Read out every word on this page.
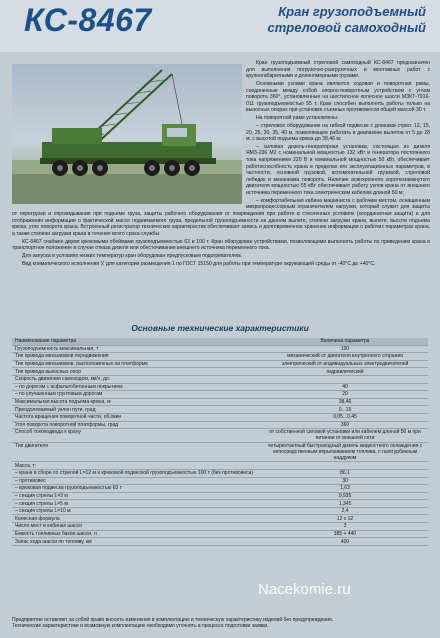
КС-8467	Кран грузоподъемный стреловой самоходный

Кран грузоподъемный стреловой самоходный КС-8467 предназначен для выполнения погрузочно-разгрузочных и монтажных работ с крупногабаритными и длинномерными грузами.

Основными узлами крана являются ходовая и поворотная рамы, соединенные между собой опорно-поворотным устройством с углом поворота 360°, установленные на шестиосное колесное шасси МЗКТ-7916-011 грузоподъемностью 55 т. Кран способен выполнять работы только на выносных опорах при установке съемных противовесов общей массой 30 т.

На поворотной раме установлены:

– стреловое оборудование на гибкой подвеске с длинами стрел: 12, 15, 20, 25, 30, 35, 40 м, позволяющее работать в диапазоне вылетов от 5 до 28 м, с высотой подъема крюка до 38,46 м;

– силовая дизель-генераторная установка, состоящая из дизеля ЯМЗ-236 М2 с номинальной мощностью 132 кВт и генератора постоянного тока напряжением 220 В и номинальной мощностью 50 кВт, обеспечивает работоспособность крана в пределах его эксплуатационных параметров, в частности, основной грузовой, вспомогательной грузовой, стреловой лебедок и механизма поворота. Наличие асинхронного короткозамкнутого двигателя мощностью 55 кВт обеспечивает работу узлов крана от внешнего источника переменного тока электрическим кабелем длиной 50 м;

– комфортабельная кабина машиниста с рабочим местом, оснащенным микропроцессорным ограничителем нагрузки, который служит для защиты от перегрузки и опрокидывания при подъеме груза, защиты рабочего оборудования от повреждения при работе в стесненных условиях (координатная защита) и для отображения информации о фактической массе поднимаемого груза, предельной грузоподъемности на данном вылете, степени загрузки крана, вылете, высоте подъема крюка, угле поворота крана. Встроенный регистратор технических характеристик обеспечивает запись и долговременное хранение информации о рабочих параметрах крана, а также степени загрузки крана в течение всего срока службы.

КС-8467 снабжен двумя крюковыми обоймами грузоподъемностью 63 и 100 т. Кран оборудован устройствами, позволяющими выполнять работы по приведению крана в транспортное положение в случае отказа дизеля или обесточивания внешнего источника переменного тока.

Для запуска в условиях низких температур кран оборудован предпусковым подогревателем.

Вид климатического исполнения У, для категории размещения 1 по ГОСТ 15150 для работы при температуре окружающей среды от -40°С до +40°С.

Основные технические характеристики
Наименование параметра	Величина параметра
Грузоподъемность максимальная, т	100
Тип привода механизмов передвижения	механический от двигателя внутреннего сгорания
Тип привода механизмов, расположенных на платформе	электрический от индивидуальных электродвигателей
Тип привода выносных опор	гидравлический
Скорость движения самоходом, км/ч, до:	
– по дорогам с асфальтобетонным покрытием	40
– по улучшенным грунтовым дорогам	20
Максимальная высота подъема крюка, м	38,46
Преодолеваемый уклон пути, град	0...15
Частота вращения поворотной части, об./мин	0,05...0,45
Угол поворота поворотной платформы, град	360
Способ токоподвода к крану	от собственной силовой установки или кабелем длиной 50 м при питании от внешней сети
Тип двигателя	четырехтактный быстроходный дизель жидкостного охлаждения с непосредственным впрыскиванием топлива, с газотурбинным наддувом
Масса, т:	
– крана в сборе со стрелой L=12 м и крюковой подвеской грузоподъемностью 100 т (без противовеса)	86,1
– противовес	30
– крюковая подвеска грузоподъемностью 63 т	1,63
– секция стрелы L=3 м	0,935
– секция стрелы L=5 м	1,345
– секция стрелы L=10 м	2,4
Колесная формула	12 х 12
Число мест в кабинах шасси	3
Емкость топливных баков шасси, л	385 + 440
Запас хода шасси по топливу, км	400
Предприятие оставляет за собой право вносить изменения в комплектацию и техническую характеристику изделий без предупреждения.
Технические характеристики и возможную комплектацию необходимо уточнять в процессе подготовки заявки.
Nacekomie.ru
